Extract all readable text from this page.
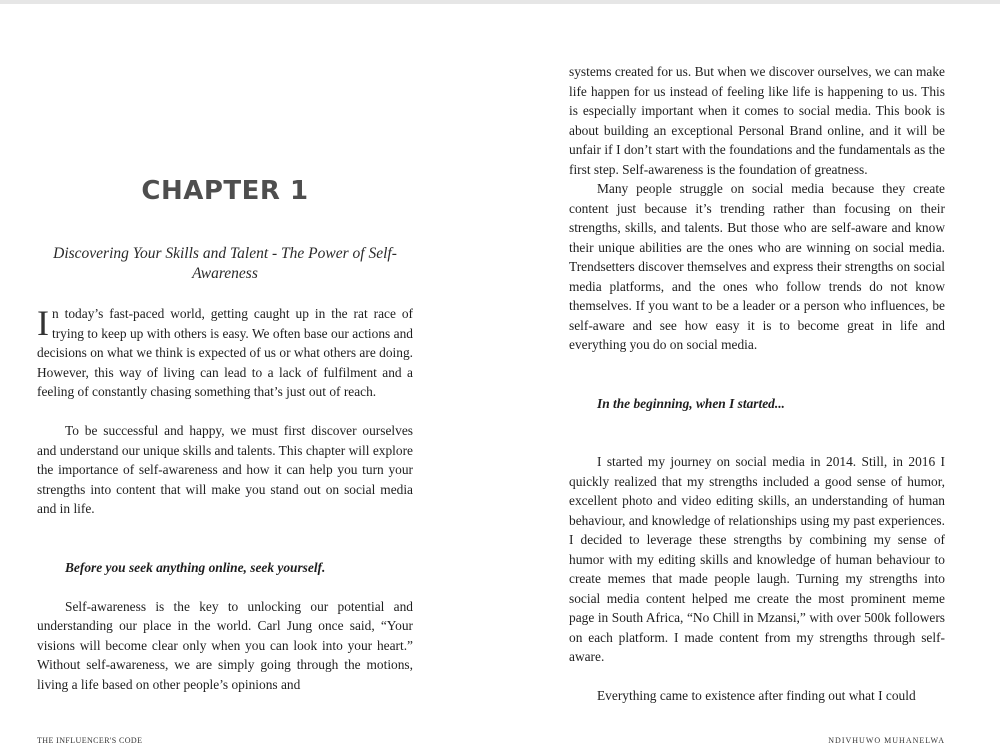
CHAPTER 1

Discovering Your Skills and Talent - The Power of Self-Awareness

In today’s fast-paced world, getting caught up in the rat race of trying to keep up with others is easy. We often base our actions and decisions on what we think is expected of us or what others are doing. However, this way of living can lead to a lack of fulfilment and a feeling of constantly chasing something that’s just out of reach.

To be successful and happy, we must first discover ourselves and understand our unique skills and talents. This chapter will explore the importance of self-awareness and how it can help you turn your strengths into content that will make you stand out on social media and in life.

Before you seek anything online, seek yourself.

Self-awareness is the key to unlocking our potential and understanding our place in the world. Carl Jung once said, “Your visions will become clear only when you can look into your heart.” Without self-awareness, we are simply going through the motions, living a life based on other people’s opinions and

systems created for us. But when we discover ourselves, we can make life happen for us instead of feeling like life is happening to us. This is especially important when it comes to social media. This book is about building an exceptional Personal Brand online, and it will be unfair if I don’t start with the foundations and the fundamentals as the first step. Self-awareness is the foundation of greatness.

Many people struggle on social media because they create content just because it’s trending rather than focusing on their strengths, skills, and talents. But those who are self-aware and know their unique abilities are the ones who are winning on social media. Trendsetters discover themselves and express their strengths on social media platforms, and the ones who follow trends do not know themselves. If you want to be a leader or a person who influences, be self-aware and see how easy it is to become great in life and everything you do on social media.

In the beginning, when I started...

I started my journey on social media in 2014. Still, in 2016 I quickly realized that my strengths included a good sense of humor, excellent photo and video editing skills, an understanding of human behaviour, and knowledge of relationships using my past experiences. I decided to leverage these strengths by combining my sense of humor with my editing skills and knowledge of human behaviour to create memes that made people laugh. Turning my strengths into social media content helped me create the most prominent meme page in South Africa, “No Chill in Mzansi,” with over 500k followers on each platform. I made content from my strengths through self-aware.

Everything came to existence after finding out what I could

THE INFLUENCER'S CODE	NDIVHUWO MUHANELWA
